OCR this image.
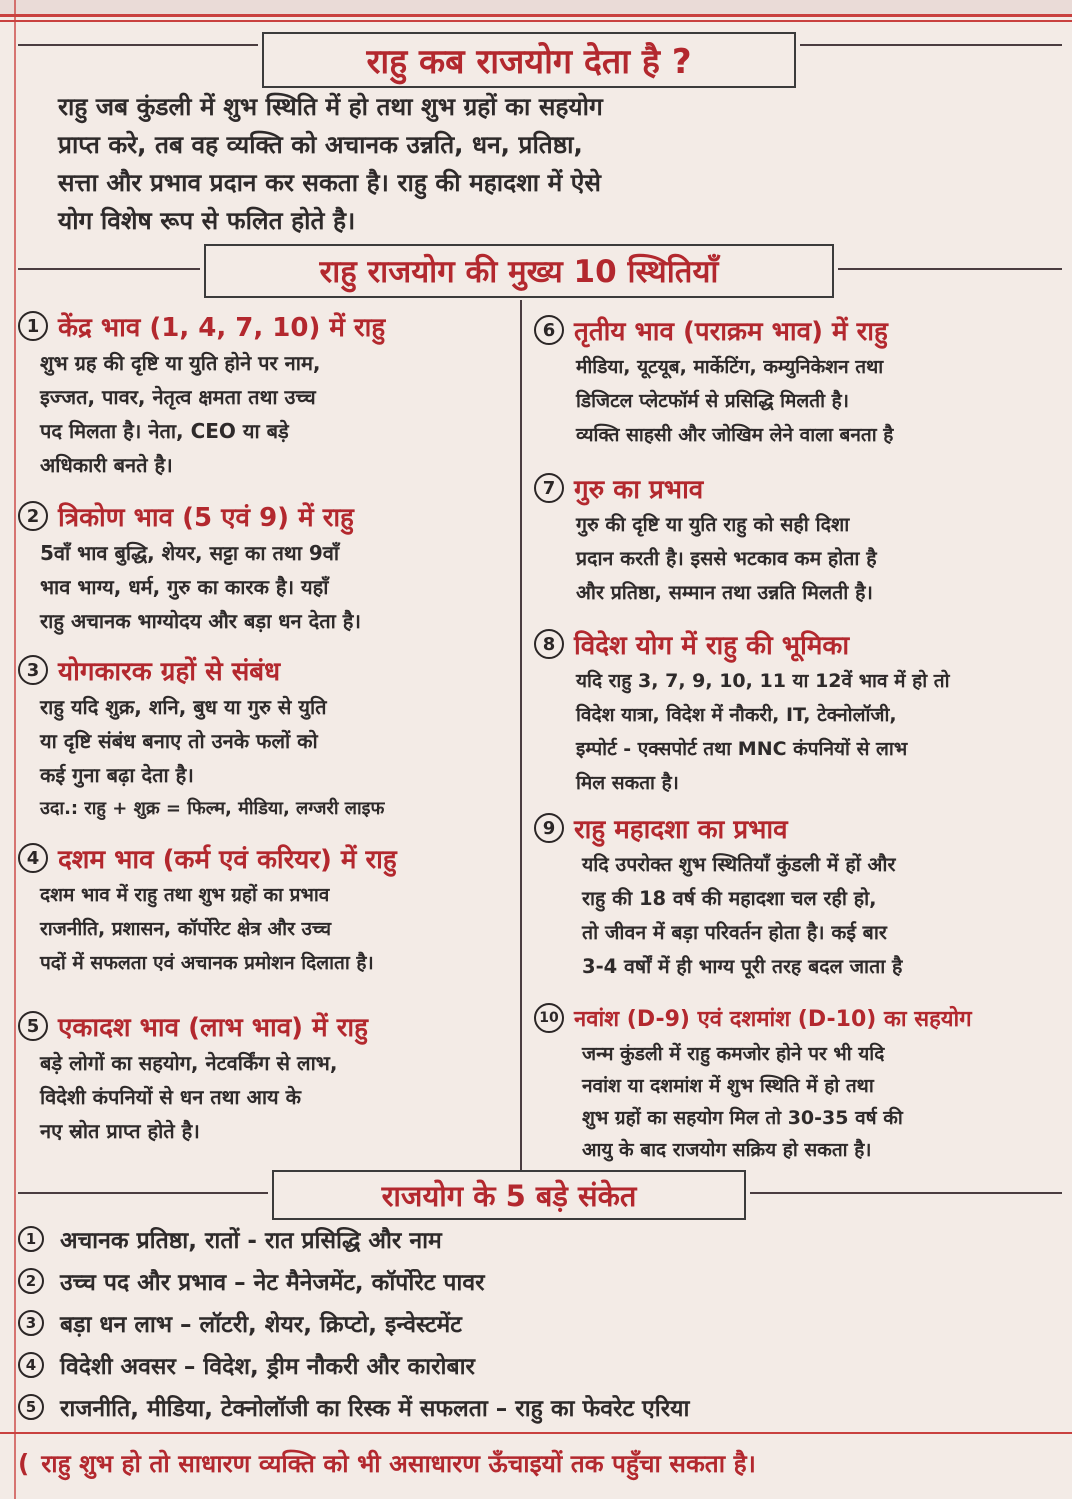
राहु कब राजयोग देता है ?
राहु जब कुंडली में शुभ स्थिति में हो तथा शुभ ग्रहों का सहयोग
प्राप्त करे, तब वह व्यक्ति को अचानक उन्नति, धन, प्रतिष्ठा,
सत्ता और प्रभाव प्रदान कर सकता है। राहु की महादशा में ऐसे
योग विशेष रूप से फलित होते है।
राहु राजयोग की मुख्य 10 स्थितियाँ
1 केंद्र भाव (1, 4, 7, 10) में राहु
शुभ ग्रह की दृष्टि या युति होने पर नाम,
इज्जत, पावर, नेतृत्व क्षमता तथा उच्च
पद मिलता है। नेता, CEO या बड़े
अधिकारी बनते है।
2 त्रिकोण भाव (5 एवं 9) में राहु
5वाँ भाव बुद्धि, शेयर, सट्टा का तथा 9वाँ
भाव भाग्य, धर्म, गुरु का कारक है। यहाँ
राहु अचानक भाग्योदय और बड़ा धन देता है।
3 योगकारक ग्रहों से संबंध
राहु यदि शुक्र, शनि, बुध या गुरु से युति
या दृष्टि संबंध बनाए तो उनके फलों को
कई गुना बढ़ा देता है।
उदा.: राहु + शुक्र = फिल्म, मीडिया, लग्जरी लाइफ
4 दशम भाव (कर्म एवं करियर) में राहु
दशम भाव में राहु तथा शुभ ग्रहों का प्रभाव
राजनीति, प्रशासन, कॉर्पोरेट क्षेत्र और उच्च
पदों में सफलता एवं अचानक प्रमोशन दिलाता है।
5 एकादश भाव (लाभ भाव) में राहु
बड़े लोगों का सहयोग, नेटवर्किंग से लाभ,
विदेशी कंपनियों से धन तथा आय के
नए स्रोत प्राप्त होते है।
6 तृतीय भाव (पराक्रम भाव) में राहु
मीडिया, यूटयूब, मार्केटिंग, कम्युनिकेशन तथा
डिजिटल प्लेटफॉर्म से प्रसिद्धि मिलती है।
व्यक्ति साहसी और जोखिम लेने वाला बनता है
7 गुरु का प्रभाव
गुरु की दृष्टि या युति राहु को सही दिशा
प्रदान करती है। इससे भटकाव कम होता है
और प्रतिष्ठा, सम्मान तथा उन्नति मिलती है।
8 विदेश योग में राहु की भूमिका
यदि राहु 3, 7, 9, 10, 11 या 12वें भाव में हो तो
विदेश यात्रा, विदेश में नौकरी, IT, टेक्नोलॉजी,
इम्पोर्ट - एक्सपोर्ट तथा MNC कंपनियों से लाभ
मिल सकता है।
9 राहु महादशा का प्रभाव
यदि उपरोक्त शुभ स्थितियाँ कुंडली में हों और
राहु की 18 वर्ष की महादशा चल रही हो,
तो जीवन में बड़ा परिवर्तन होता है। कई बार
3-4 वर्षों में ही भाग्य पूरी तरह बदल जाता है
10 नवांश (D-9) एवं दशमांश (D-10) का सहयोग
जन्म कुंडली में राहु कमजोर होने पर भी यदि
नवांश या दशमांश में शुभ स्थिति में हो तथा
शुभ ग्रहों का सहयोग मिल तो 30-35 वर्ष की
आयु के बाद राजयोग सक्रिय हो सकता है।
राजयोग के 5 बड़े संकेत
1	अचानक प्रतिष्ठा, रातों - रात प्रसिद्धि और नाम
2	उच्च पद और प्रभाव – नेट मैनेजमेंट, कॉर्पोरेट पावर
3	बड़ा धन लाभ – लॉटरी, शेयर, क्रिप्टो, इन्वेस्टमेंट
4	विदेशी अवसर – विदेश, ड्रीम नौकरी और कारोबार
5	राजनीति, मीडिया, टेक्नोलॉजी का रिस्क में सफलता – राहु का फेवरेट एरिया
( राहु शुभ हो तो साधारण व्यक्ति को भी असाधारण ऊँचाइयों तक पहुँचा सकता है।
